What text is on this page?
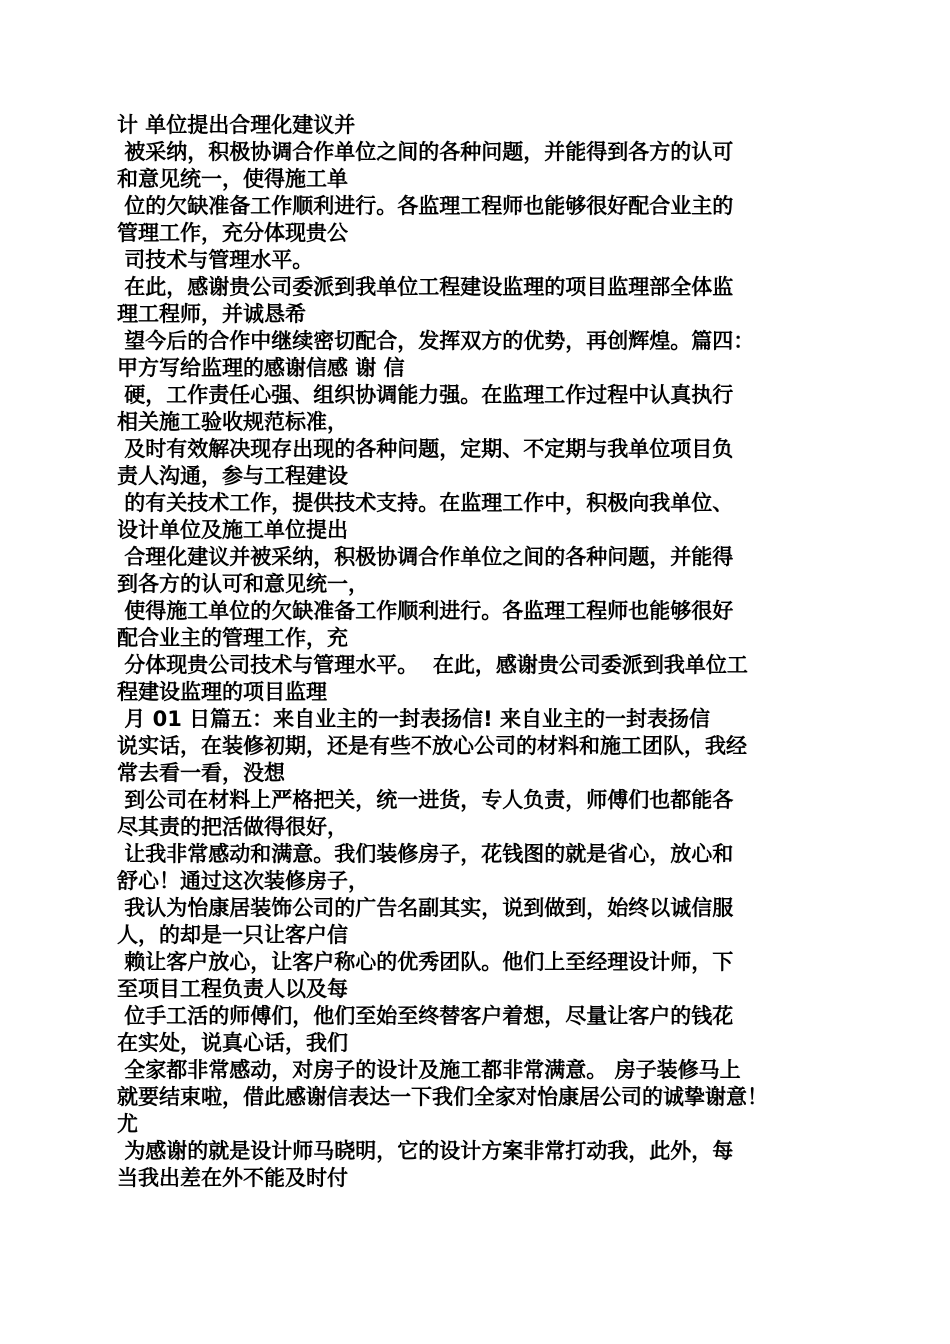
计 单位提出合理化建议并
被采纳，积极协调合作单位之间的各种问题，并能得到各方的认可
和意见统一，使得施工单
位的欠缺准备工作顺利进行。各监理工程师也能够很好配合业主的
管理工作，充分体现贵公
司技术与管理水平。
在此，感谢贵公司委派到我单位工程建设监理的项目监理部全体监
理工程师，并诚恳希
望今后的合作中继续密切配合，发挥双方的优势，再创辉煌。篇四：
甲方写给监理的感谢信感 谢 信
硬，工作责任心强、组织协调能力强。在监理工作过程中认真执行
相关施工验收规范标准，
及时有效解决现存出现的各种问题，定期、不定期与我单位项目负
责人沟通，参与工程建设
的有关技术工作，提供技术支持。在监理工作中，积极向我单位、
设计单位及施工单位提出
合理化建议并被采纳，积极协调合作单位之间的各种问题，并能得
到各方的认可和意见统一，
使得施工单位的欠缺准备工作顺利进行。各监理工程师也能够很好
配合业主的管理工作，充
分体现贵公司技术与管理水平。  在此，感谢贵公司委派到我单位工
程建设监理的项目监理
月 01 日篇五：来自业主的一封表扬信! 来自业主的一封表扬信
说实话，在装修初期，还是有些不放心公司的材料和施工团队，我经
常去看一看，没想
到公司在材料上严格把关，统一进货，专人负责，师傅们也都能各
尽其责的把活做得很好，
让我非常感动和满意。我们装修房子，花钱图的就是省心，放心和
舒心！通过这次装修房子，
我认为怡康居装饰公司的广告名副其实，说到做到，始终以诚信服
人，的却是一只让客户信
赖让客户放心，让客户称心的优秀团队。他们上至经理设计师，下
至项目工程负责人以及每
位手工活的师傅们，他们至始至终替客户着想，尽量让客户的钱花
在实处，说真心话，我们
全家都非常感动，对房子的设计及施工都非常满意。 房子装修马上
就要结束啦，借此感谢信表达一下我们全家对怡康居公司的诚挚谢意！
尤
为感谢的就是设计师马晓明，它的设计方案非常打动我，此外，每
当我出差在外不能及时付
